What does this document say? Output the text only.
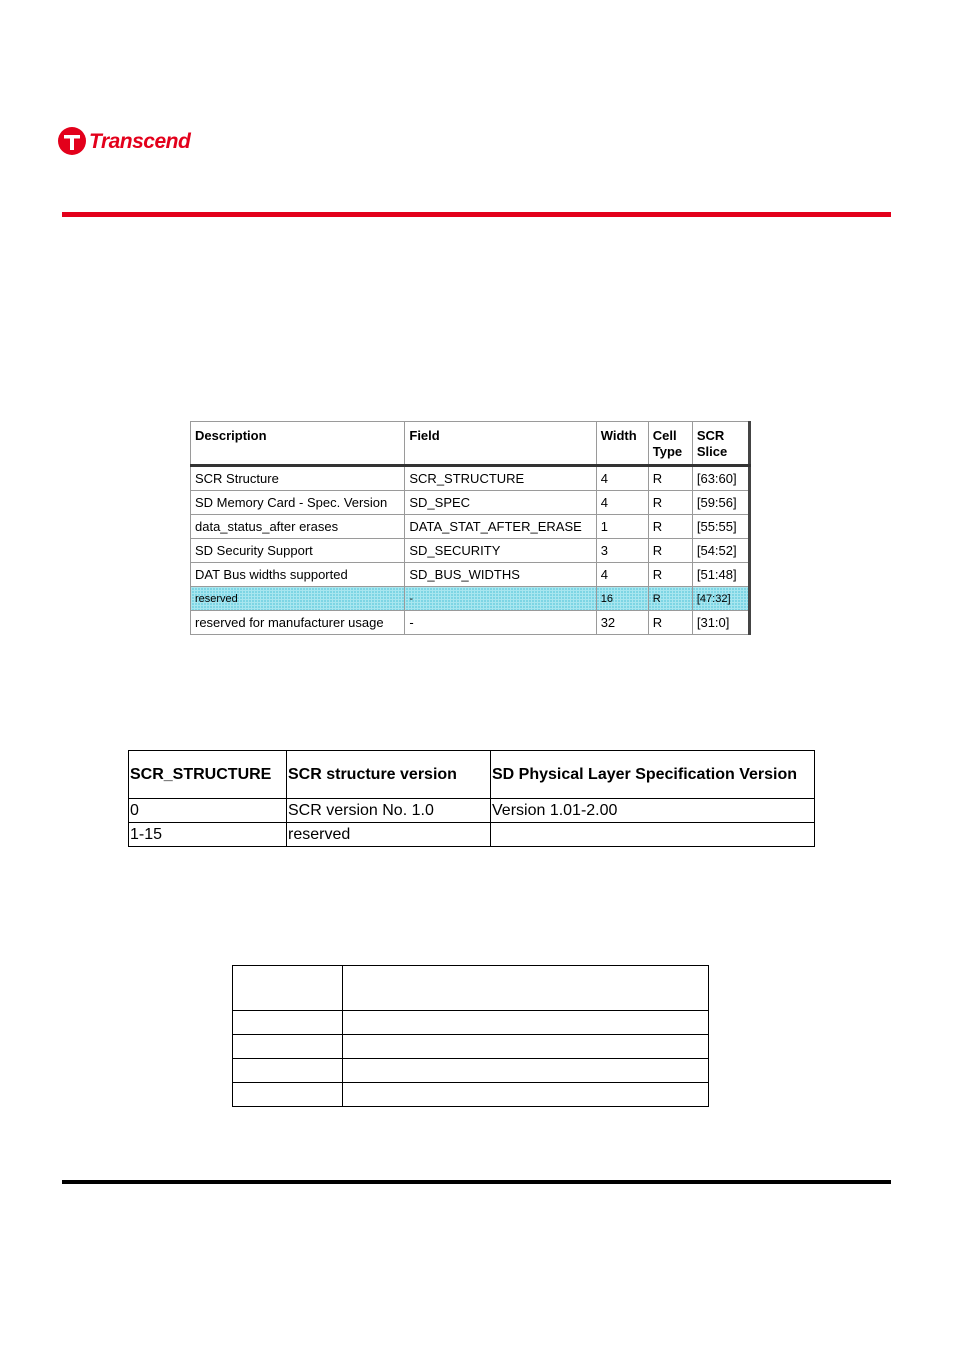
Transcend
Description	Field	Width	Cell Type	SCR Slice
SCR Structure	SCR_STRUCTURE	4	R	[63:60]
SD Memory Card - Spec. Version	SD_SPEC	4	R	[59:56]
data_status_after erases	DATA_STAT_AFTER_ERASE	1	R	[55:55]
SD Security Support	SD_SECURITY	3	R	[54:52]
DAT Bus widths supported	SD_BUS_WIDTHS	4	R	[51:48]
reserved	-	16	R	[47:32]
reserved for manufacturer usage	-	32	R	[31:0]
SCR_STRUCTURE	SCR structure version	SD Physical Layer Specification Version
0	SCR version No. 1.0	Version 1.01-2.00
1-15	reserved	
